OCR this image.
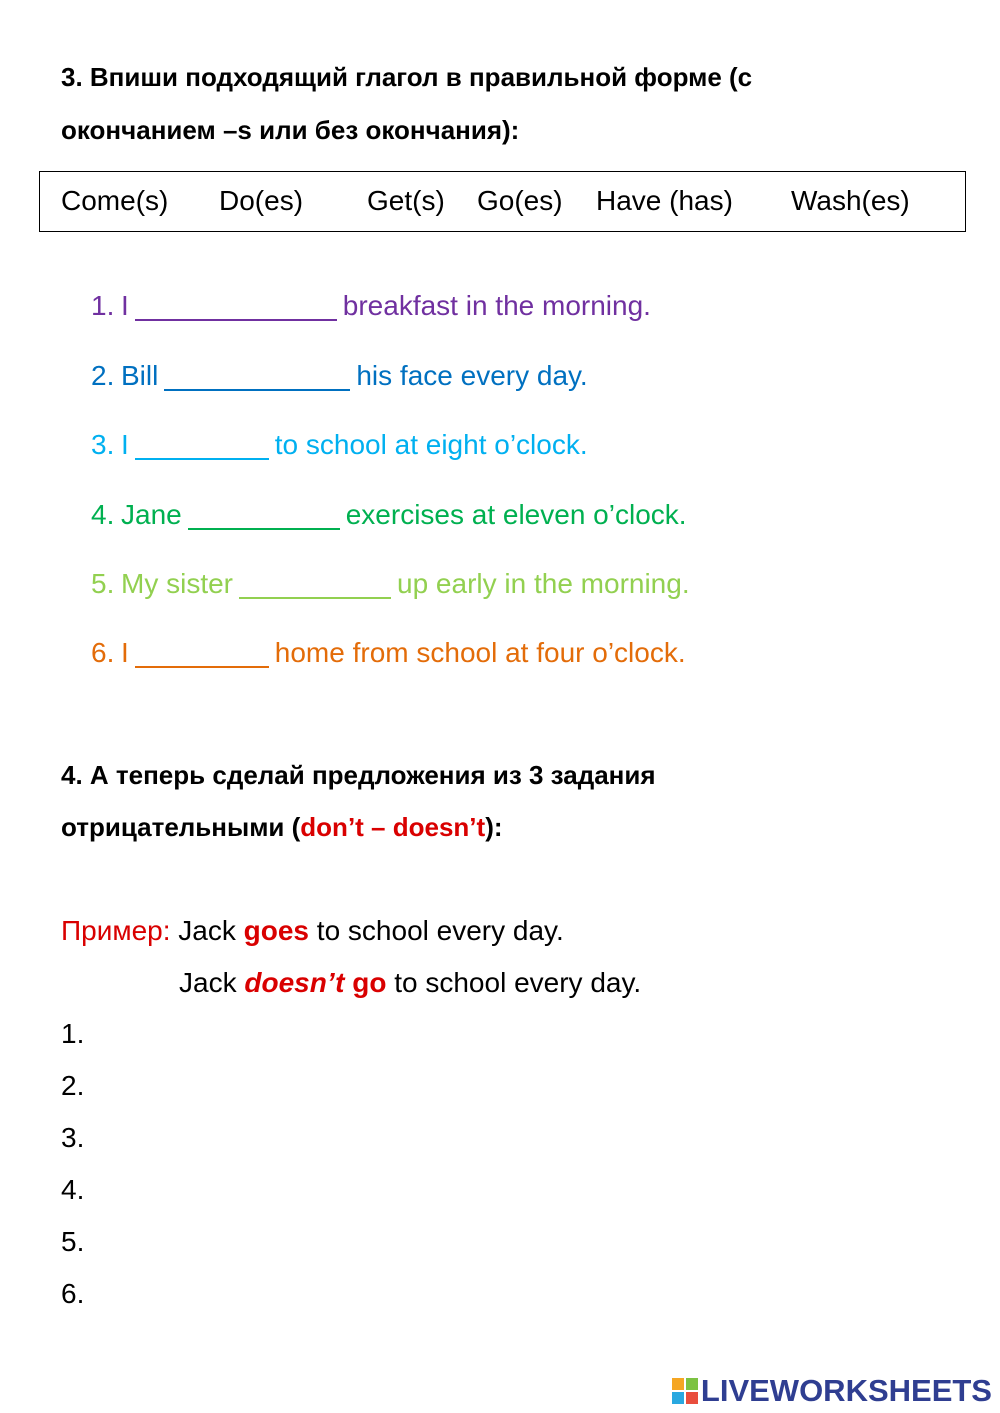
3. Впиши подходящий глагол в правильной форме (с
окончанием –s или без окончания):
Come(s) Do(es) Get(s) Go(es) Have (has) Wash(es)
1. I	breakfast in the morning.
2. Bill	his face every day.
3. I	to school at eight o’clock.
4. Jane	exercises at eleven o’clock.
5. My sister	up early in the morning.
6. I	home from school at four o’clock.
4. А теперь сделай предложения из 3 задания
отрицательными (don’t – doesn’t):
Пример: Jack goes to school every day.
Jack doesn’t go to school every day.
1.
2.
3.
4.
5.
6.
LIVEWORKSHEETS
